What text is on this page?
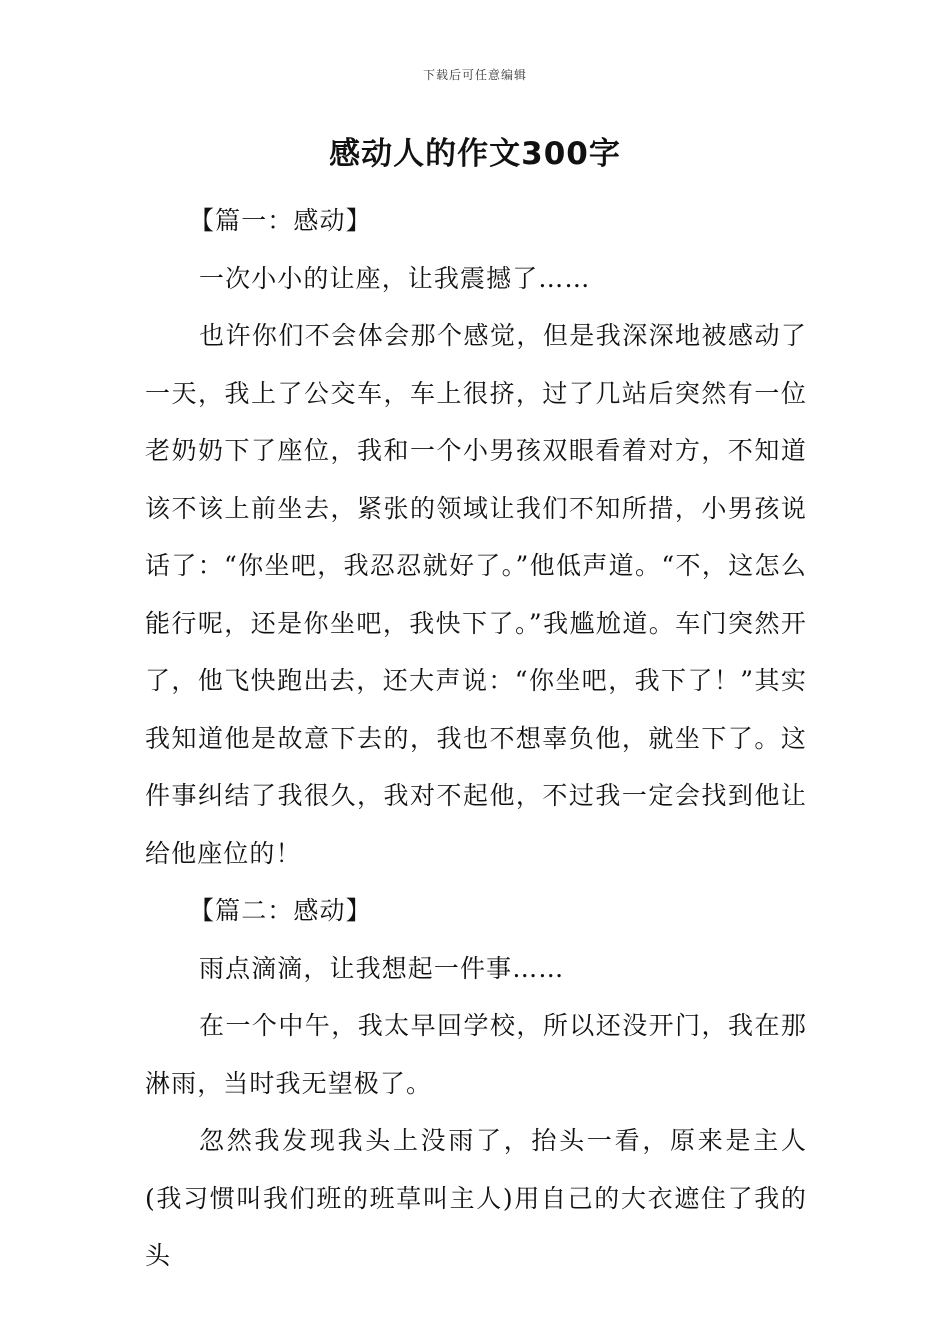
下载后可任意编辑
感动人的作文300字

【篇一：感动】

一次小小的让座，让我震撼了……

也许你们不会体会那个感觉，但是我深深地被感动了一天，我上了公交车，车上很挤，过了几站后突然有一位老奶奶下了座位，我和一个小男孩双眼看着对方，不知道该不该上前坐去，紧张的领域让我们不知所措，小男孩说话了：“你坐吧，我忍忍就好了。”他低声道。“不，这怎么能行呢，还是你坐吧，我快下了。”我尴尬道。车门突然开了，他飞快跑出去，还大声说：“你坐吧，我下了！”其实我知道他是故意下去的，我也不想辜负他，就坐下了。这件事纠结了我很久，我对不起他，不过我一定会找到他让给他座位的！

【篇二：感动】

雨点滴滴，让我想起一件事……

在一个中午，我太早回学校，所以还没开门，我在那淋雨，当时我无望极了。

忽然我发现我头上没雨了，抬头一看，原来是主人(我习惯叫我们班的班草叫主人)用自己的大衣遮住了我的头
